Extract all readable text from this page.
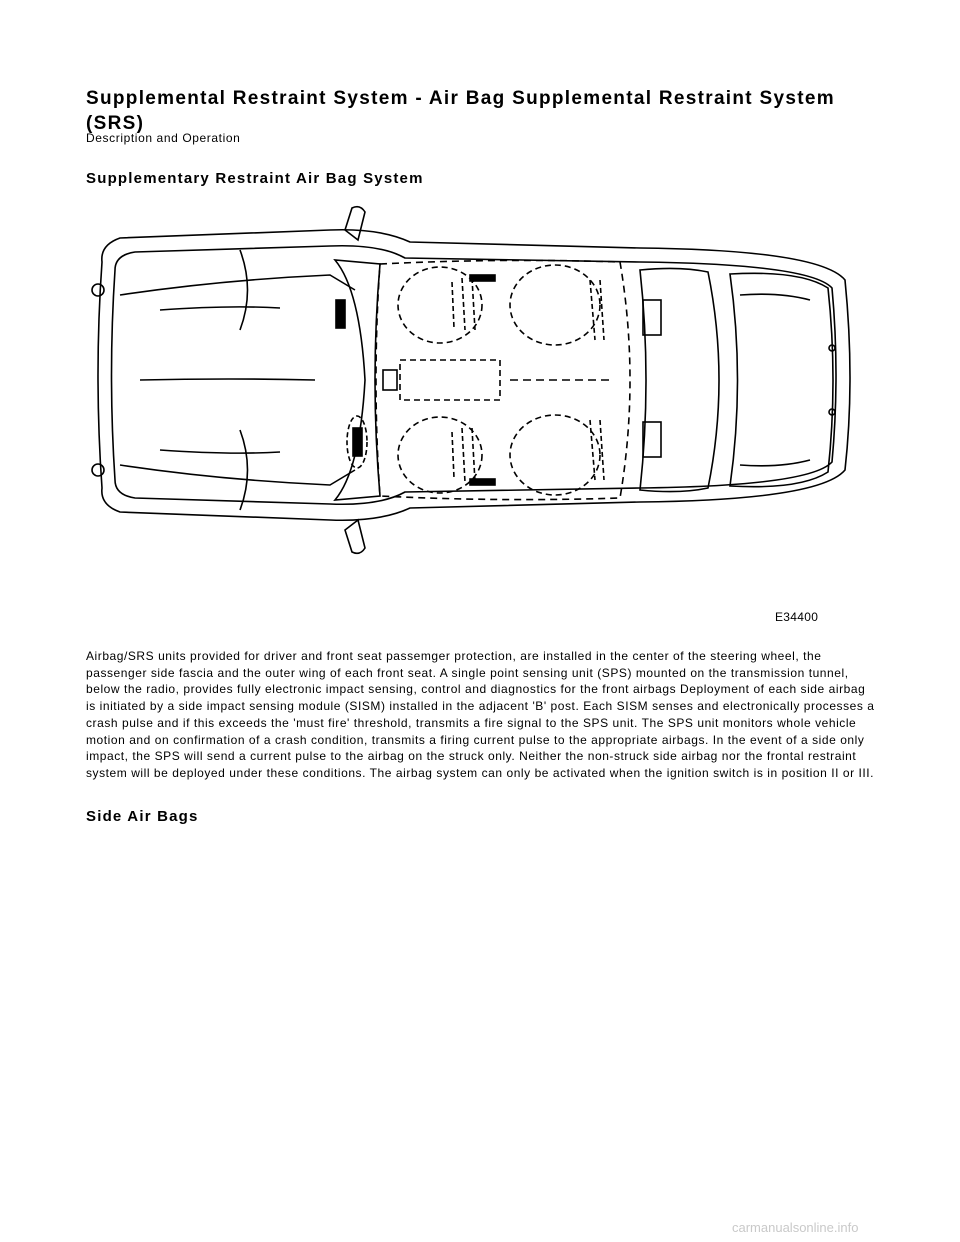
Supplemental Restraint System - Air Bag Supplemental Restraint System (SRS)
Description and Operation
Supplementary Restraint Air Bag System
E34400

Airbag/SRS units provided for driver and front seat passemger protection, are installed in the center of the steering wheel, the passenger side fascia and the outer wing of each front seat. A single point sensing unit (SPS) mounted on the transmission tunnel, below the radio, provides fully electronic impact sensing, control and diagnostics for the front airbags Deployment of each side airbag is initiated by a side impact sensing module (SISM) installed in the adjacent 'B' post. Each SISM senses and electronically processes a crash pulse and if this exceeds the 'must fire' threshold, transmits a fire signal to the SPS unit. The SPS unit monitors whole vehicle motion and on confirmation of a crash condition, transmits a firing current pulse to the appropriate airbags. In the event of a side only impact, the SPS will send a current pulse to the airbag on the struck only. Neither the non-struck side airbag nor the frontal restraint system will be deployed under these conditions. The airbag system can only be activated when the ignition switch is in position II or III.

Side Air Bags
carmanualsonline.info
